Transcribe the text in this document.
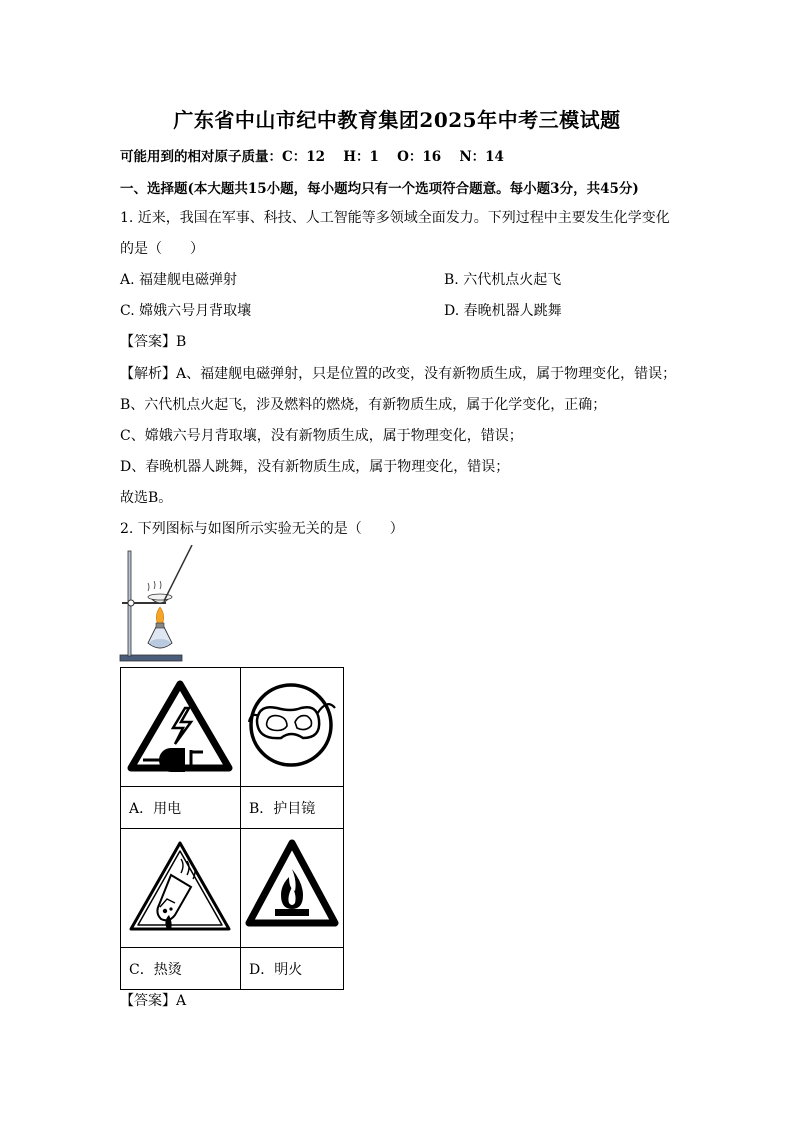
广东省中山市纪中教育集团2025年中考三模试题
可能用到的相对原子质量：C：12　 H：1　 O：16　 N：14
一、选择题(本大题共15小题，每小题均只有一个选项符合题意。每小题3分，共45分)
1. 近来，我国在军事、科技、人工智能等多领域全面发力。下列过程中主要发生化学变化
的是（　　）
A. 福建舰电磁弹射	B. 六代机点火起飞
C. 嫦娥六号月背取壤	D. 春晚机器人跳舞
【答案】B
【解析】A、福建舰电磁弹射，只是位置的改变，没有新物质生成，属于物理变化，错误；
B、六代机点火起飞，涉及燃料的燃烧，有新物质生成，属于化学变化，正确；
C、嫦娥六号月背取壤，没有新物质生成，属于物理变化，错误；
D、春晚机器人跳舞，没有新物质生成，属于物理变化，错误；
故选B。
2. 下列图标与如图所示实验无关的是（　　）

A．用电	B．护目镜

C．热烫	D．明火
【答案】A
